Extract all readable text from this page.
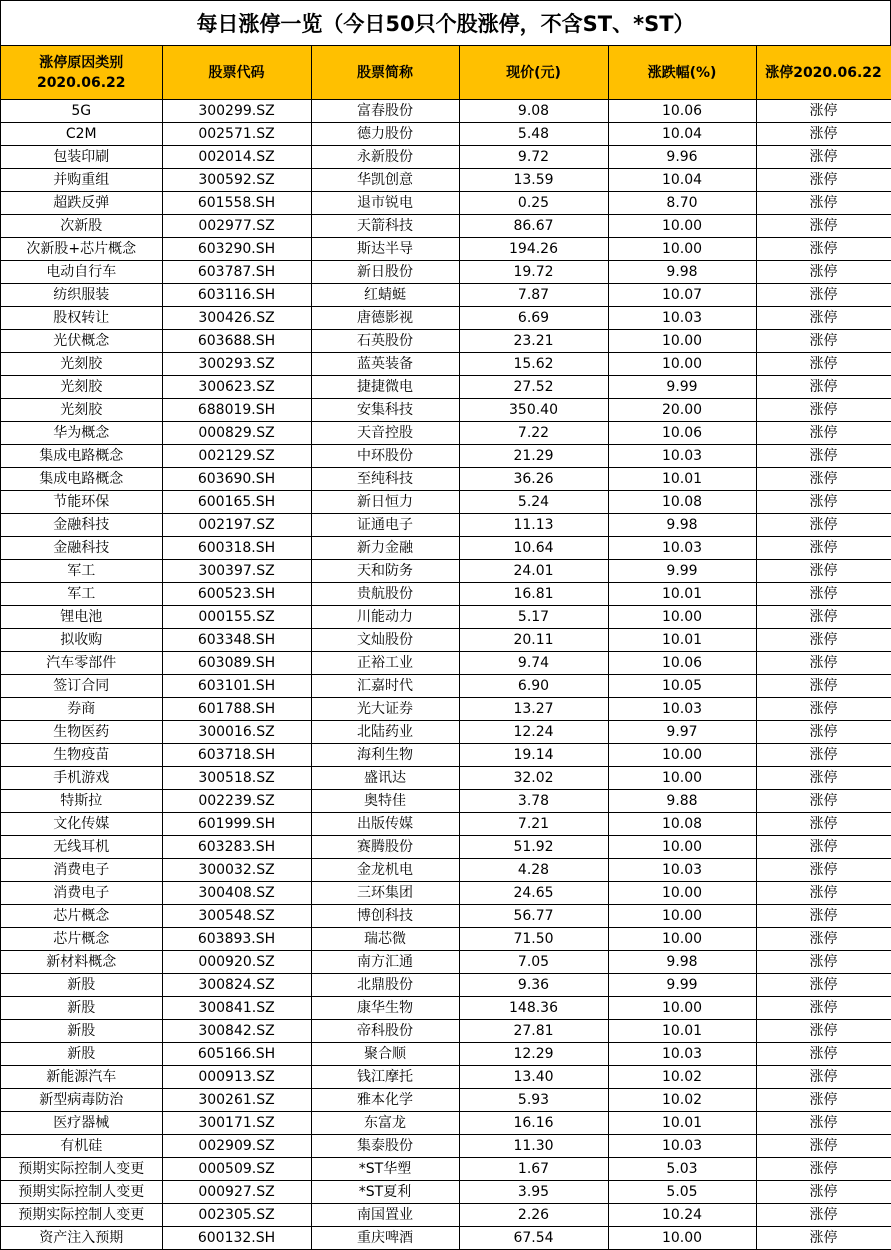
每日涨停一览（今日50只个股涨停，不含ST、*ST）
涨停原因类别
2020.06.22	股票代码	股票简称	现价(元)	涨跌幅(%)	涨停2020.06.22
5G	300299.SZ	富春股份	9.08	10.06	涨停
C2M	002571.SZ	德力股份	5.48	10.04	涨停
包装印刷	002014.SZ	永新股份	9.72	9.96	涨停
并购重组	300592.SZ	华凯创意	13.59	10.04	涨停
超跌反弹	601558.SH	退市锐电	0.25	8.70	涨停
次新股	002977.SZ	天箭科技	86.67	10.00	涨停
次新股+芯片概念	603290.SH	斯达半导	194.26	10.00	涨停
电动自行车	603787.SH	新日股份	19.72	9.98	涨停
纺织服装	603116.SH	红蜻蜓	7.87	10.07	涨停
股权转让	300426.SZ	唐德影视	6.69	10.03	涨停
光伏概念	603688.SH	石英股份	23.21	10.00	涨停
光刻胶	300293.SZ	蓝英装备	15.62	10.00	涨停
光刻胶	300623.SZ	捷捷微电	27.52	9.99	涨停
光刻胶	688019.SH	安集科技	350.40	20.00	涨停
华为概念	000829.SZ	天音控股	7.22	10.06	涨停
集成电路概念	002129.SZ	中环股份	21.29	10.03	涨停
集成电路概念	603690.SH	至纯科技	36.26	10.01	涨停
节能环保	600165.SH	新日恒力	5.24	10.08	涨停
金融科技	002197.SZ	证通电子	11.13	9.98	涨停
金融科技	600318.SH	新力金融	10.64	10.03	涨停
军工	300397.SZ	天和防务	24.01	9.99	涨停
军工	600523.SH	贵航股份	16.81	10.01	涨停
锂电池	000155.SZ	川能动力	5.17	10.00	涨停
拟收购	603348.SH	文灿股份	20.11	10.01	涨停
汽车零部件	603089.SH	正裕工业	9.74	10.06	涨停
签订合同	603101.SH	汇嘉时代	6.90	10.05	涨停
券商	601788.SH	光大证券	13.27	10.03	涨停
生物医药	300016.SZ	北陆药业	12.24	9.97	涨停
生物疫苗	603718.SH	海利生物	19.14	10.00	涨停
手机游戏	300518.SZ	盛讯达	32.02	10.00	涨停
特斯拉	002239.SZ	奥特佳	3.78	9.88	涨停
文化传媒	601999.SH	出版传媒	7.21	10.08	涨停
无线耳机	603283.SH	赛腾股份	51.92	10.00	涨停
消费电子	300032.SZ	金龙机电	4.28	10.03	涨停
消费电子	300408.SZ	三环集团	24.65	10.00	涨停
芯片概念	300548.SZ	博创科技	56.77	10.00	涨停
芯片概念	603893.SH	瑞芯微	71.50	10.00	涨停
新材料概念	000920.SZ	南方汇通	7.05	9.98	涨停
新股	300824.SZ	北鼎股份	9.36	9.99	涨停
新股	300841.SZ	康华生物	148.36	10.00	涨停
新股	300842.SZ	帝科股份	27.81	10.01	涨停
新股	605166.SH	聚合顺	12.29	10.03	涨停
新能源汽车	000913.SZ	钱江摩托	13.40	10.02	涨停
新型病毒防治	300261.SZ	雅本化学	5.93	10.02	涨停
医疗器械	300171.SZ	东富龙	16.16	10.01	涨停
有机硅	002909.SZ	集泰股份	11.30	10.03	涨停
预期实际控制人变更	000509.SZ	*ST华塑	1.67	5.03	涨停
预期实际控制人变更	000927.SZ	*ST夏利	3.95	5.05	涨停
预期实际控制人变更	002305.SZ	南国置业	2.26	10.24	涨停
资产注入预期	600132.SH	重庆啤酒	67.54	10.00	涨停
